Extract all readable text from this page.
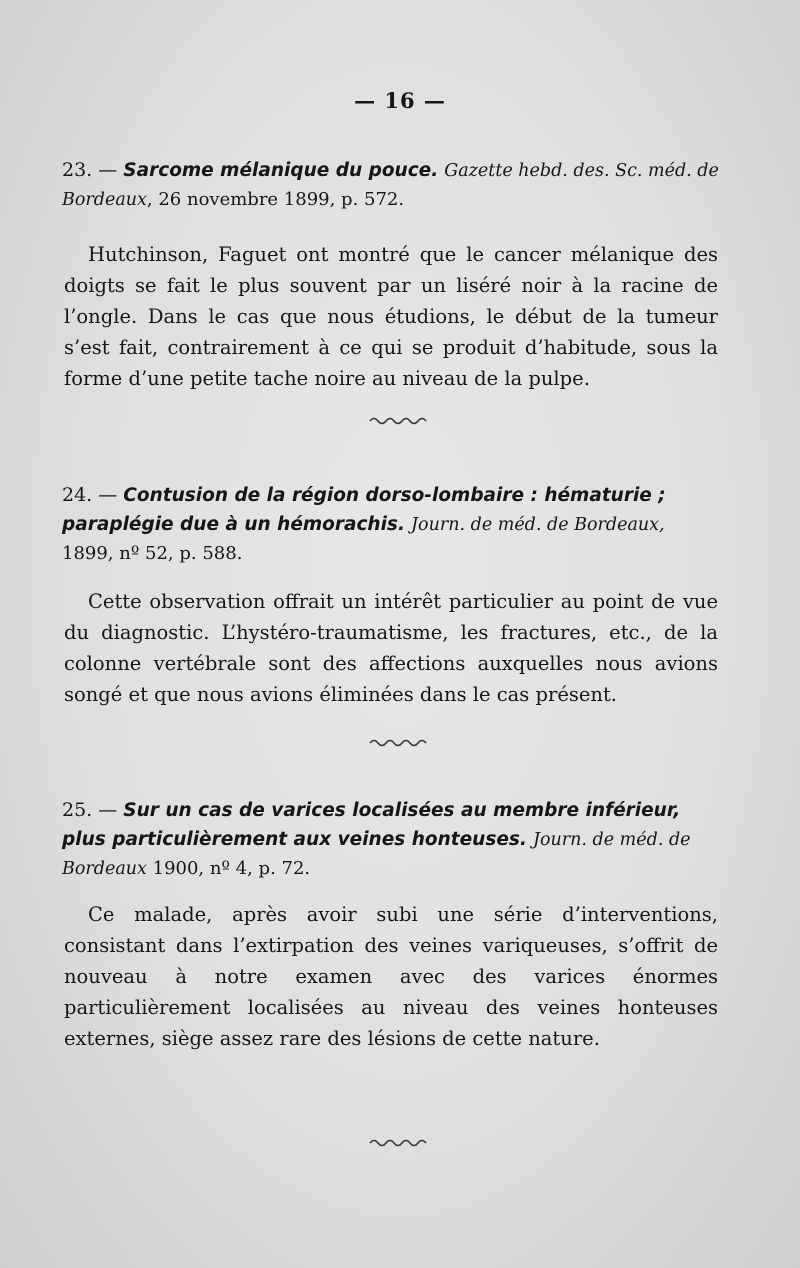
— 16 —
23. — Sarcome mélanique du pouce. Gazette hebd. des. Sc. méd. de Bordeaux, 26 novembre 1899, p. 572.
Hutchinson, Faguet ont montré que le cancer mélanique des doigts se fait le plus souvent par un liséré noir à la racine de l’ongle. Dans le cas que nous étudions, le début de la tumeur s’est fait, contrairement à ce qui se produit d’habitude, sous la forme d’une petite tache noire au niveau de la pulpe.
24. — Contusion de la région dorso-lombaire : hématurie ; paraplégie due à un hémorachis. Journ. de méd. de Bordeaux, 1899, nº 52, p. 588.
Cette observation offrait un intérêt particulier au point de vue du diagnostic. L’hystéro-traumatisme, les fractures, etc., de la colonne vertébrale sont des affections auxquelles nous avions songé et que nous avions éliminées dans le cas présent.
25. — Sur un cas de varices localisées au membre inférieur, plus particulièrement aux veines honteuses. Journ. de méd. de Bordeaux 1900, nº 4, p. 72.
Ce malade, après avoir subi une série d’interventions, consistant dans l’extirpation des veines variqueuses, s’offrit de nouveau à notre examen avec des varices énormes particulièrement localisées au niveau des veines honteuses externes, siège assez rare des lésions de cette nature.
